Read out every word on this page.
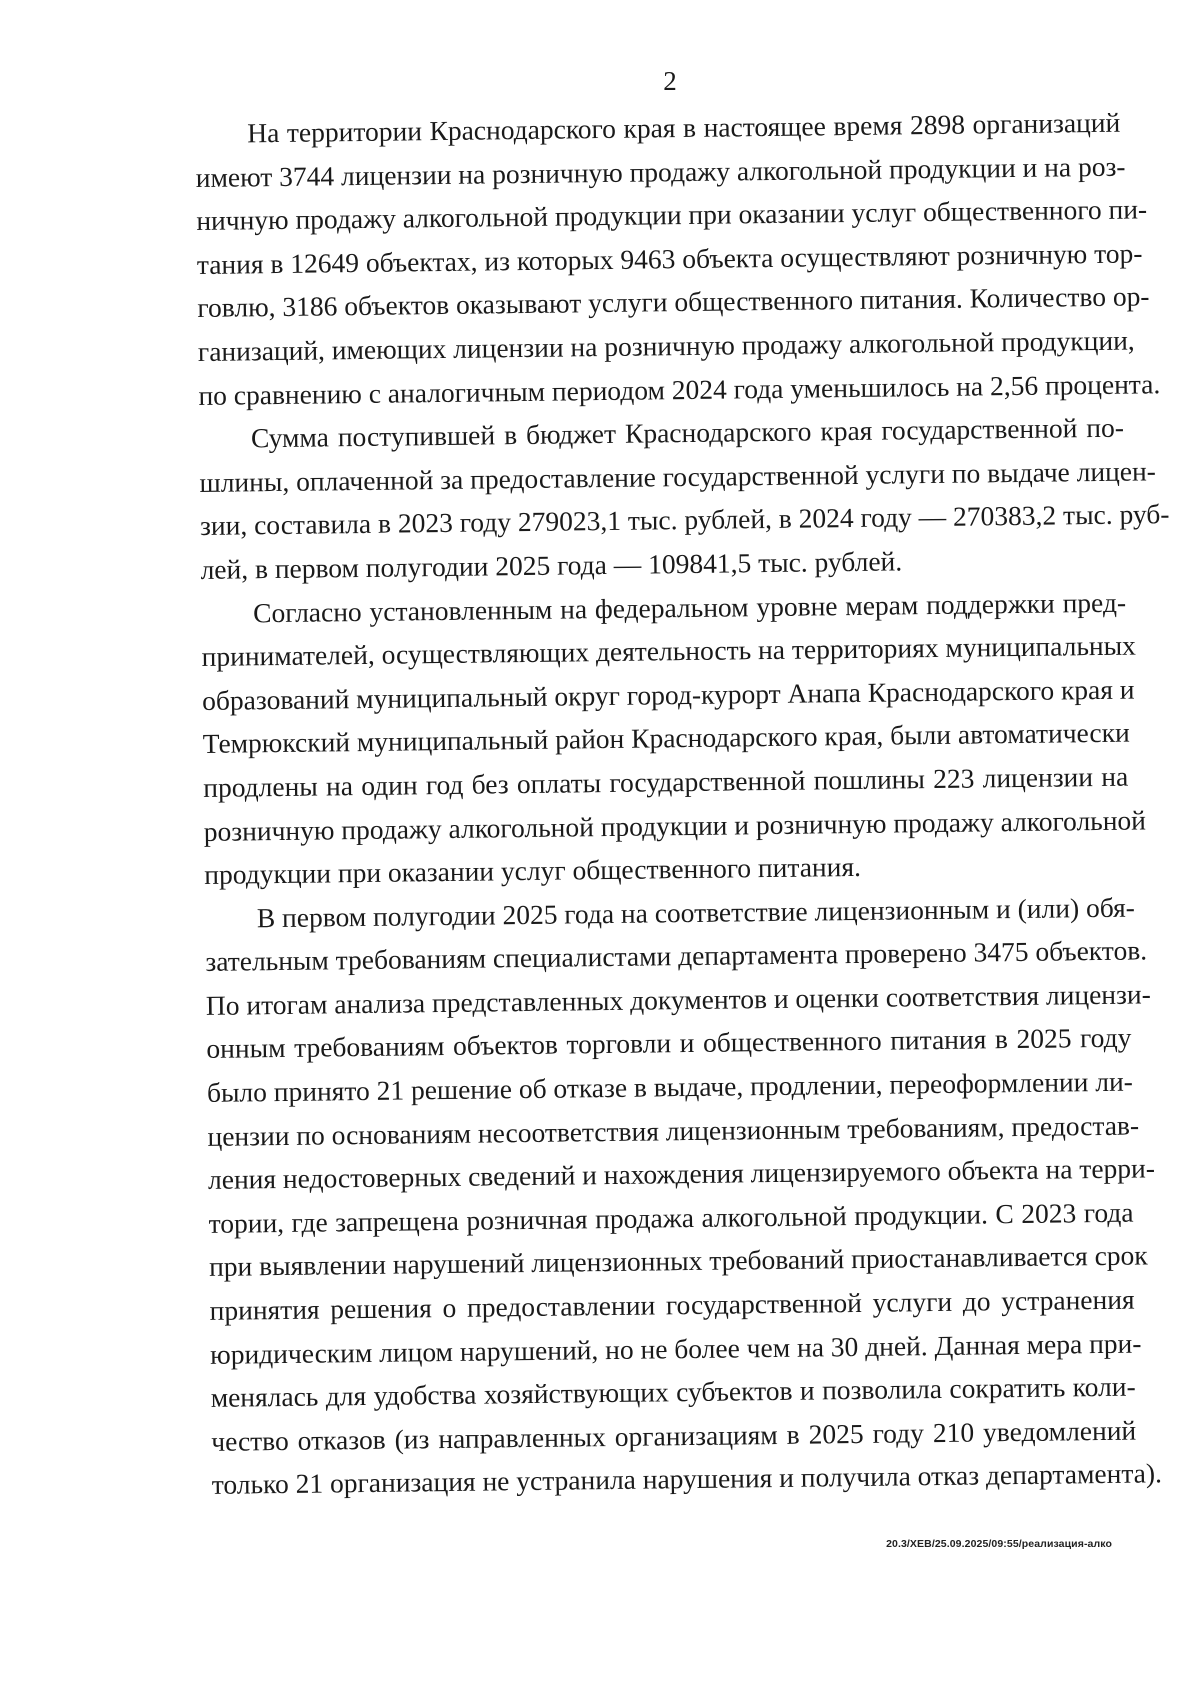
2
На территории Краснодарского края в настоящее время 2898 организаций
имеют 3744 лицензии на розничную продажу алкогольной продукции и на роз-
ничную продажу алкогольной продукции при оказании услуг общественного пи-
тания в 12649 объектах, из которых 9463 объекта осуществляют розничную тор-
говлю, 3186 объектов оказывают услуги общественного питания. Количество ор-
ганизаций, имеющих лицензии на розничную продажу алкогольной продукции,
по сравнению с аналогичным периодом 2024 года уменьшилось на 2,56 процента.
Сумма поступившей в бюджет Краснодарского края государственной по-
шлины, оплаченной за предоставление государственной услуги по выдаче лицен-
зии, составила в 2023 году 279023,1 тыс. рублей, в 2024 году — 270383,2 тыс. руб-
лей, в первом полугодии 2025 года — 109841,5 тыс. рублей.
Согласно установленным на федеральном уровне мерам поддержки пред-
принимателей, осуществляющих деятельность на территориях муниципальных
образований муниципальный округ город-курорт Анапа Краснодарского края и
Темрюкский муниципальный район Краснодарского края, были автоматически
продлены на один год без оплаты государственной пошлины 223 лицензии на
розничную продажу алкогольной продукции и розничную продажу алкогольной
продукции при оказании услуг общественного питания.
В первом полугодии 2025 года на соответствие лицензионным и (или) обя-
зательным требованиям специалистами департамента проверено 3475 объектов.
По итогам анализа представленных документов и оценки соответствия лицензи-
онным требованиям объектов торговли и общественного питания в 2025 году
было принято 21 решение об отказе в выдаче, продлении, переоформлении ли-
цензии по основаниям несоответствия лицензионным требованиям, предостав-
ления недостоверных сведений и нахождения лицензируемого объекта на терри-
тории, где запрещена розничная продажа алкогольной продукции. С 2023 года
при выявлении нарушений лицензионных требований приостанавливается срок
принятия решения о предоставлении государственной услуги до устранения
юридическим лицом нарушений, но не более чем на 30 дней. Данная мера при-
менялась для удобства хозяйствующих субъектов и позволила сократить коли-
чество отказов (из направленных организациям в 2025 году 210 уведомлений
только 21 организация не устранила нарушения и получила отказ департамента).
20.3/ХЕВ/25.09.2025/09:55/реализация-алко
